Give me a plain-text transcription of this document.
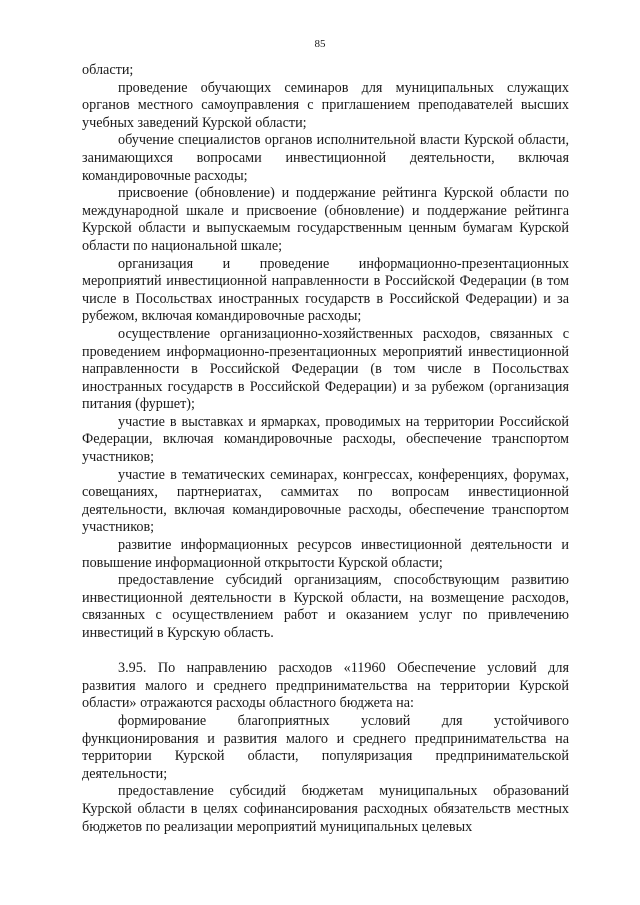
85

области;

проведение обучающих семинаров для муниципальных служащих органов местного самоуправления с приглашением преподавателей высших учебных заведений Курской области;

обучение специалистов органов исполнительной власти Курской области, занимающихся вопросами инвестиционной деятельности, включая командировочные расходы;

присвоение (обновление) и поддержание рейтинга Курской области по международной шкале и присвоение (обновление) и поддержание рейтинга Курской области и выпускаемым государственным ценным бумагам Курской области по национальной шкале;

организация и проведение информационно-презентационных мероприятий инвестиционной направленности в Российской Федерации (в том числе в Посольствах иностранных государств в Российской Федерации) и за рубежом, включая командировочные расходы;

осуществление организационно-хозяйственных расходов, связанных с проведением информационно-презентационных мероприятий инвестиционной направленности в Российской Федерации (в том числе в Посольствах иностранных государств в Российской Федерации) и за рубежом (организация питания (фуршет);

участие в выставках и ярмарках, проводимых на территории Российской Федерации, включая командировочные расходы, обеспечение транспортом участников;

участие в тематических семинарах, конгрессах, конференциях, форумах, совещаниях, партнериатах, саммитах по вопросам инвестиционной деятельности, включая командировочные расходы, обеспечение транспортом участников;

развитие информационных ресурсов инвестиционной деятельности и повышение информационной открытости Курской области;

предоставление субсидий организациям, способствующим развитию инвестиционной деятельности в Курской области, на возмещение расходов, связанных с осуществлением работ и оказанием услуг по привлечению инвестиций в Курскую область.

3.95. По направлению расходов «11960 Обеспечение условий для развития малого и среднего предпринимательства на территории Курской области» отражаются расходы областного бюджета на:

формирование благоприятных условий для устойчивого функционирования и развития малого и среднего предпринимательства на территории Курской области, популяризация предпринимательской деятельности;

предоставление субсидий бюджетам муниципальных образований Курской области в целях софинансирования расходных обязательств местных бюджетов по реализации мероприятий муниципальных целевых
